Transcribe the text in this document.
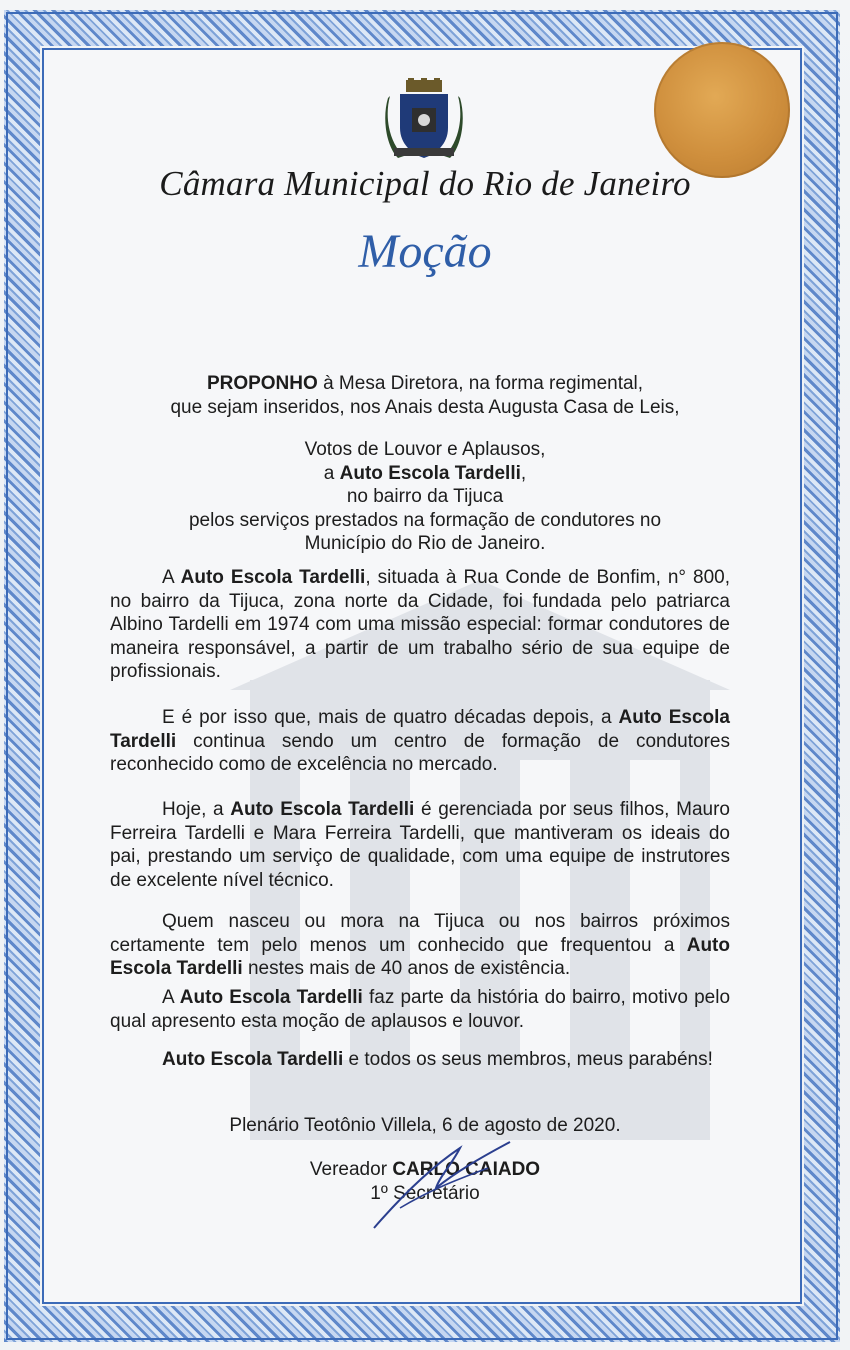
Câmara Municipal do Rio de Janeiro
Moção
PROPONHO à Mesa Diretora, na forma regimental,
que sejam inseridos, nos Anais desta Augusta Casa de Leis,
Votos de Louvor e Aplausos,
a Auto Escola Tardelli,
no bairro da Tijuca
pelos serviços prestados na formação de condutores no
Município do Rio de Janeiro.
A Auto Escola Tardelli, situada à Rua Conde de Bonfim, n° 800, no bairro da Tijuca, zona norte da Cidade, foi fundada pelo patriarca Albino Tardelli em 1974 com uma missão especial: formar condutores de maneira responsável, a partir de um trabalho sério de sua equipe de profissionais.
E é por isso que, mais de quatro décadas depois, a Auto Escola Tardelli continua sendo um centro de formação de condutores reconhecido como de excelência no mercado.
Hoje, a Auto Escola Tardelli é gerenciada por seus filhos, Mauro Ferreira Tardelli e Mara Ferreira Tardelli, que mantiveram os ideais do pai, prestando um serviço de qualidade, com uma equipe de instrutores de excelente nível técnico.
Quem nasceu ou mora na Tijuca ou nos bairros próximos certamente tem pelo menos um conhecido que frequentou a Auto Escola Tardelli nestes mais de 40 anos de existência.
A Auto Escola Tardelli faz parte da história do bairro, motivo pelo qual apresento esta moção de aplausos e louvor.
Auto Escola Tardelli e todos os seus membros, meus parabéns!
Plenário Teotônio Villela, 6 de agosto de 2020.
Vereador CARLO CAIADO
1º Secretário
